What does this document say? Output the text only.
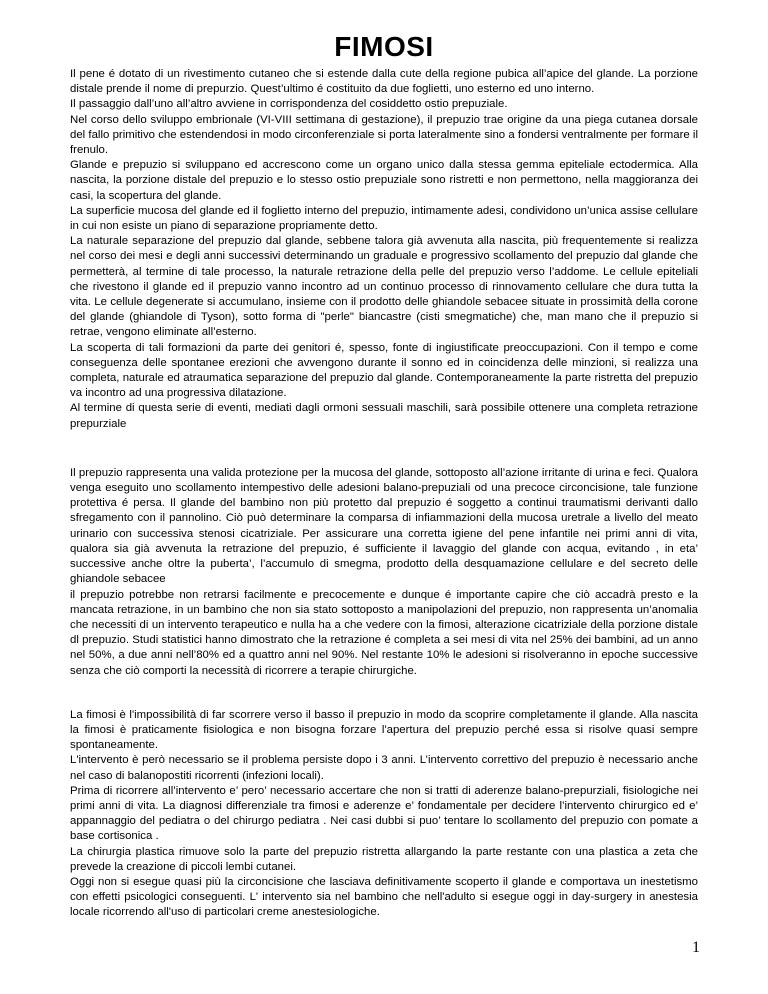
FIMOSI

Il pene é dotato di un rivestimento cutaneo che si estende dalla cute della regione pubica all’apice del glande. La porzione distale prende il nome di prepurzio. Quest’ultimo é costituito da due foglietti, uno esterno ed uno interno.

Il passaggio dall’uno all’altro avviene in corrispondenza del cosiddetto ostio prepuziale.

Nel corso dello sviluppo embrionale (VI-VIII settimana di gestazione), il prepuzio trae origine da una piega cutanea dorsale del fallo primitivo che estendendosi in modo circonferenziale si porta lateralmente sino a fondersi ventralmente per formare il frenulo.

Glande e prepuzio si sviluppano ed accrescono come un organo unico dalla stessa gemma epiteliale ectodermica. Alla nascita, la porzione distale del prepuzio e lo stesso ostio prepuziale sono ristretti e non permettono, nella maggioranza dei casi, la scopertura del glande.

La superficie mucosa del glande ed il foglietto interno del prepuzio, intimamente adesi, condividono un’unica assise cellulare in cui non esiste un piano di separazione propriamente detto.

La naturale separazione del prepuzio dal glande, sebbene talora già avvenuta alla nascita, più frequentemente si realizza nel corso dei mesi e degli anni successivi determinando un graduale e progressivo scollamento del prepuzio dal glande che permetterà, al termine di tale processo, la naturale retrazione della pelle del prepuzio verso l’addome. Le cellule epiteliali che rivestono il glande ed il prepuzio vanno incontro ad un continuo processo di rinnovamento cellulare che dura tutta la vita. Le cellule degenerate si accumulano, insieme con il prodotto delle ghiandole sebacee situate in prossimità della corone del glande (ghiandole di Tyson), sotto forma di "perle" biancastre (cisti smegmatiche) che, man mano che il prepuzio si retrae, vengono eliminate all’esterno.

La scoperta di tali formazioni da parte dei genitori é, spesso, fonte di ingiustificate preoccupazioni. Con il tempo e come conseguenza delle spontanee erezioni che avvengono durante il sonno ed in coincidenza delle minzioni, si realizza una completa, naturale ed atraumatica separazione del prepuzio dal glande. Contemporaneamente la parte ristretta del prepuzio va incontro ad una progressiva dilatazione.

Al termine di questa serie di eventi, mediati dagli ormoni sessuali maschili, sarà possibile ottenere una completa retrazione prepurziale

Il prepuzio rappresenta una valida protezione per la mucosa del glande, sottoposto all’azione irritante di urina e feci. Qualora venga eseguito uno scollamento intempestivo delle adesioni balano-prepuziali od una precoce circoncisione, tale funzione protettiva é persa. Il glande del bambino non più protetto dal prepuzio é soggetto a continui traumatismi derivanti dallo sfregamento con il pannolino. Ciò può determinare la comparsa di infiammazioni della mucosa uretrale a livello del meato urinario con successiva stenosi cicatriziale. Per assicurare una corretta igiene del pene infantile nei primi anni di vita, qualora sia già avvenuta la retrazione del prepuzio, é sufficiente il lavaggio del glande con acqua, evitando , in eta’ successive anche oltre la puberta’, l’accumulo di smegma, prodotto della desquamazione cellulare e del secreto delle ghiandole sebacee

il prepuzio potrebbe non retrarsi facilmente e precocemente e dunque é importante capire che ciò accadrà presto e la mancata retrazione, in un bambino che non sia stato sottoposto a manipolazioni del prepuzio, non rappresenta un’anomalia che necessiti di un intervento terapeutico e nulla ha a che vedere con la fimosi, alterazione cicatriziale della porzione distale dl prepuzio. Studi statistici hanno dimostrato che la retrazione é completa a sei mesi di vita nel 25% dei bambini, ad un anno nel 50%, a due anni nell’80% ed a quattro anni nel 90%. Nel restante 10% le adesioni si risolveranno in epoche successive senza che ciò comporti la necessità di ricorrere a terapie chirurgiche.

La fimosi è l'impossibilità di far scorrere verso il basso il prepuzio in modo da scoprire completamente il glande. Alla nascita la fimosi è praticamente fisiologica e non bisogna forzare l'apertura del prepuzio perché essa si risolve quasi sempre spontaneamente.

L'intervento è però necessario se il problema persiste dopo i 3 anni. L’intervento correttivo del prepuzio è necessario anche nel caso di balanopostiti ricorrenti (infezioni locali).

Prima di ricorrere all’intervento e’ pero’ necessario accertare che non si tratti di aderenze balano-prepurziali, fisiologiche nei primi anni di vita. La diagnosi differenziale tra fimosi e aderenze e’ fondamentale per decidere l’intervento chirurgico ed e’ appannaggio del pediatra o del chirurgo pediatra . Nei casi dubbi si puo’ tentare lo scollamento del prepuzio con pomate a base cortisonica .

La chirurgia plastica rimuove solo la parte del prepuzio ristretta allargando la parte restante con una plastica a zeta che prevede la creazione di piccoli lembi cutanei.

Oggi non si esegue quasi più la circoncisione che lasciava definitivamente scoperto il glande e comportava un inestetismo con effetti psicologici conseguenti. L' intervento sia nel bambino che nell'adulto si esegue oggi in day-surgery in anestesia locale ricorrendo all'uso di particolari creme anestesiologiche.

1
